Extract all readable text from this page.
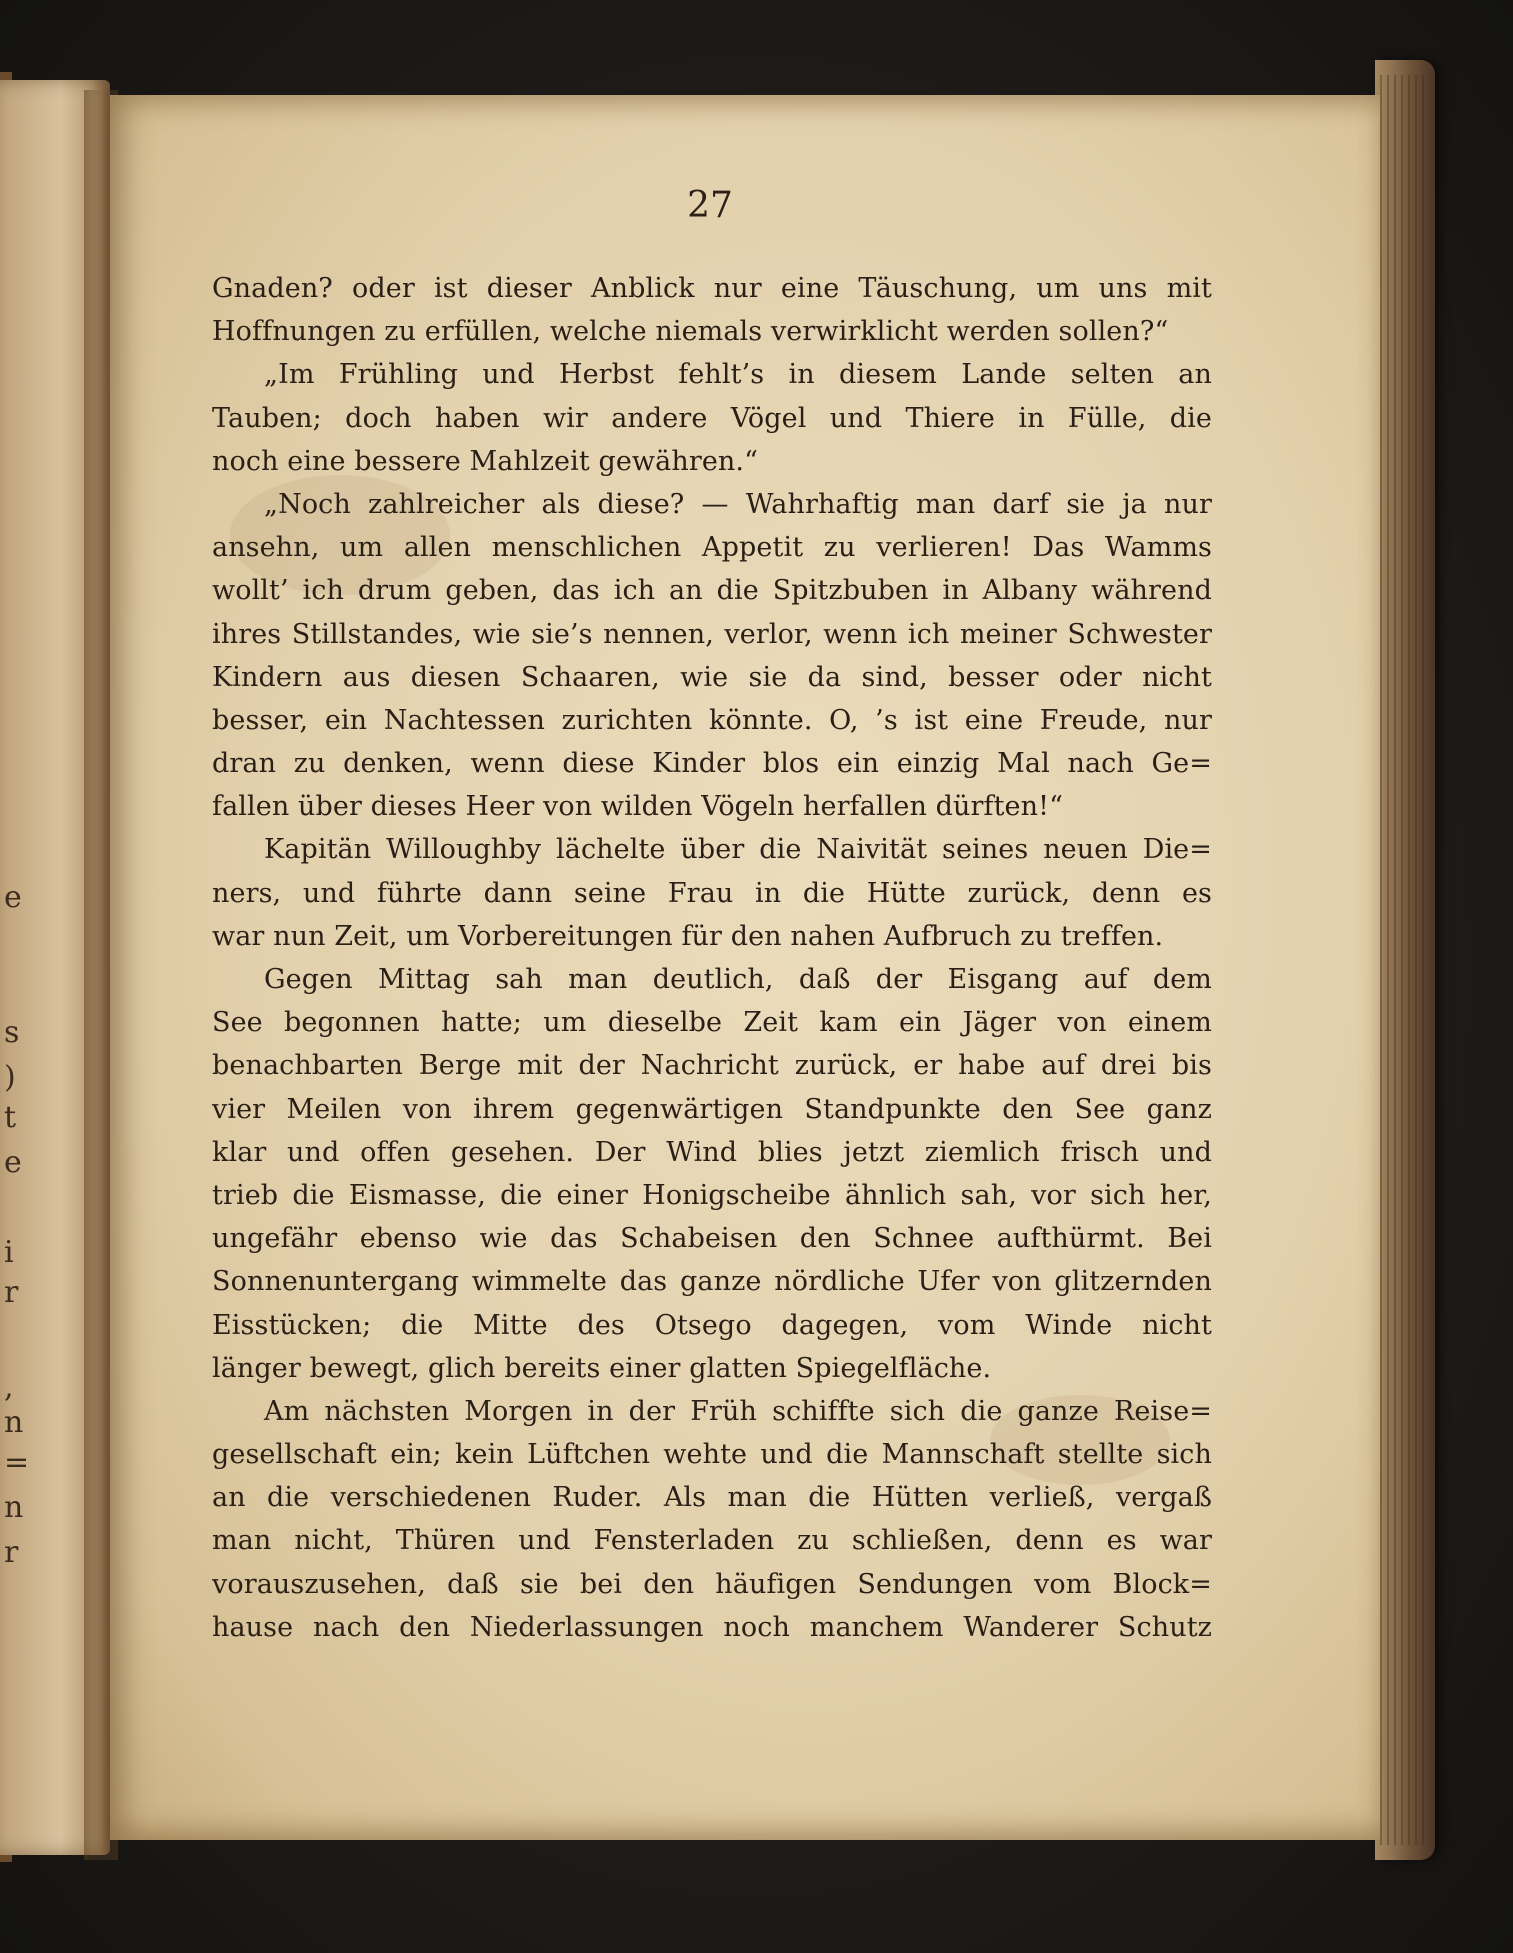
e
s
)
t
e
i
r
,
n
=
n
r
27
Gnaden? oder ist dieser Anblick nur eine Täuschung, um uns mit
Hoffnungen zu erfüllen, welche niemals verwirklicht werden sollen?“
„Im Frühling und Herbst fehlt’s in diesem Lande selten an
Tauben; doch haben wir andere Vögel und Thiere in Fülle, die
noch eine bessere Mahlzeit gewähren.“
„Noch zahlreicher als diese? — Wahrhaftig man darf sie ja nur
ansehn, um allen menschlichen Appetit zu verlieren! Das Wamms
wollt’ ich drum geben, das ich an die Spitzbuben in Albany während
ihres Stillstandes, wie sie’s nennen, verlor, wenn ich meiner Schwester
Kindern aus diesen Schaaren, wie sie da sind, besser oder nicht
besser, ein Nachtessen zurichten könnte. O, ’s ist eine Freude, nur
dran zu denken, wenn diese Kinder blos ein einzig Mal nach Ge=
fallen über dieses Heer von wilden Vögeln herfallen dürften!“
Kapitän Willoughby lächelte über die Naivität seines neuen Die=
ners, und führte dann seine Frau in die Hütte zurück, denn es
war nun Zeit, um Vorbereitungen für den nahen Aufbruch zu treffen.
Gegen Mittag sah man deutlich, daß der Eisgang auf dem
See begonnen hatte; um dieselbe Zeit kam ein Jäger von einem
benachbarten Berge mit der Nachricht zurück, er habe auf drei bis
vier Meilen von ihrem gegenwärtigen Standpunkte den See ganz
klar und offen gesehen. Der Wind blies jetzt ziemlich frisch und
trieb die Eismasse, die einer Honigscheibe ähnlich sah, vor sich her,
ungefähr ebenso wie das Schabeisen den Schnee aufthürmt. Bei
Sonnenuntergang wimmelte das ganze nördliche Ufer von glitzernden
Eisstücken; die Mitte des Otsego dagegen, vom Winde nicht
länger bewegt, glich bereits einer glatten Spiegelfläche.
Am nächsten Morgen in der Früh schiffte sich die ganze Reise=
gesellschaft ein; kein Lüftchen wehte und die Mannschaft stellte sich
an die verschiedenen Ruder. Als man die Hütten verließ, vergaß
man nicht, Thüren und Fensterladen zu schließen, denn es war
vorauszusehen, daß sie bei den häufigen Sendungen vom Block=
hause nach den Niederlassungen noch manchem Wanderer Schutz
